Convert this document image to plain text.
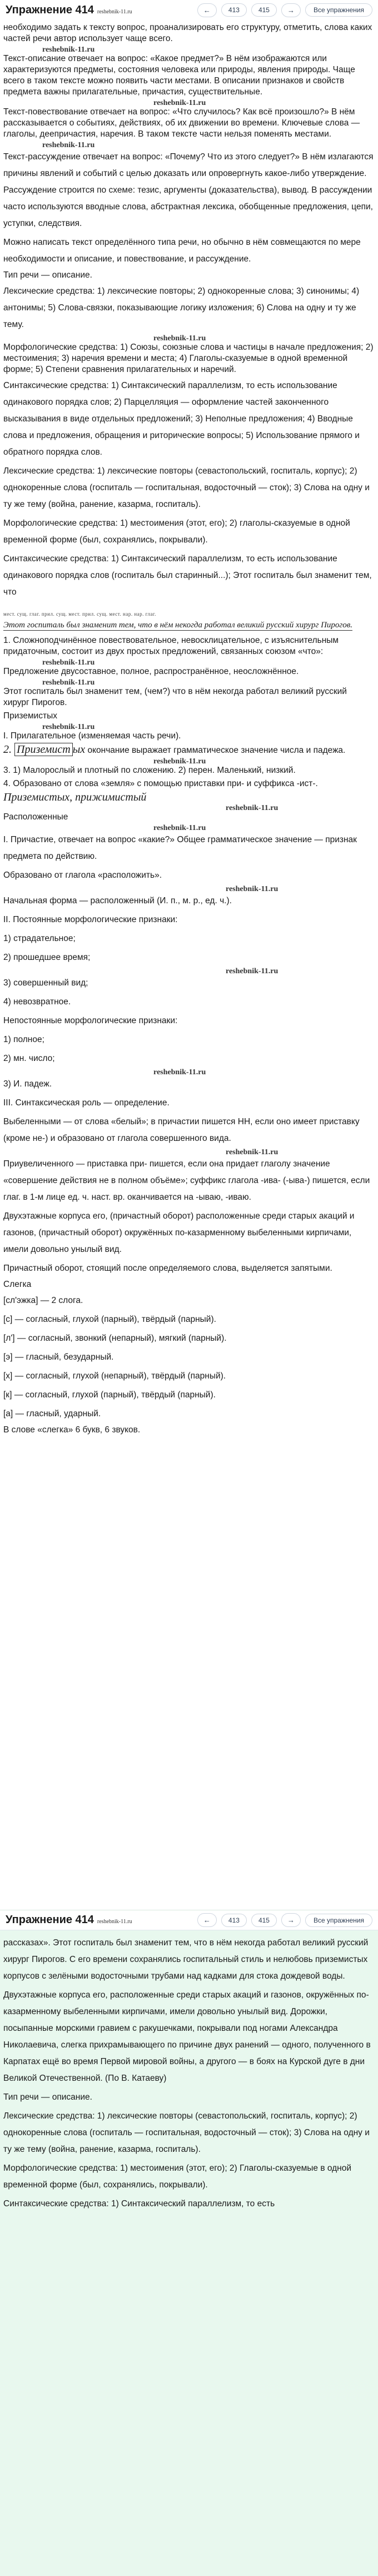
Упражнение 414 reshebnik-11.ru	←	413	415	→	Все упражнения

необходимо задать к тексту вопрос, проанализировать его структуру, отметить, слова каких частей речи автор использует чаще всего.

reshebnik-11.ru

Текст-описание отвечает на вопрос: «Какое предмет?» В нём изображаются или характеризуются предметы, состояния человека или природы, явления природы. Чаще всего в таком тексте можно появить части местами. В описании признаков и свойств предмета важны прилагательные, причастия, существительные.

reshebnik-11.ru

Текст-повествование отвечает на вопрос: «Что случилось? Как всё произошло?» В нём рассказывается о событиях, действиях, об их движении во времени. Ключевые слова — глаголы, деепричастия, наречия. В таком тексте части нельзя поменять местами.

reshebnik-11.ru

Текст-рассуждение отвечает на вопрос: «Почему? Что из этого следует?» В нём излагаются причины явлений и событий с целью доказать или опровергнуть какое-либо утверждение. Рассуждение строится по схеме: тезис, аргументы (доказательства), вывод. В рассуждении часто используются вводные слова, абстрактная лексика, обобщенные предложения, цепи, уступки, следствия.

Можно написать текст определённого типа речи, но обычно в нём совмещаются по мере необходимости и описание, и повествование, и рассуждение.

Тип речи — описание.

Лексические средства: 1) лексические повторы; 2) однокоренные слова; 3) синонимы; 4) антонимы; 5) Слова-связки, показывающие логику изложения; 6) Слова на одну и ту же тему.

reshebnik-11.ru

Морфологические средства: 1) Союзы, союзные слова и частицы в начале предложения; 2) местоимения; 3) наречия времени и места; 4) Глаголы-сказуемые в одной временной форме; 5) Степени сравнения прилагательных и наречий.

Синтаксические средства: 1) Синтаксический параллелизм, то есть использование одинакового порядка слов; 2) Парцелляция — оформление частей законченного высказывания в виде отдельных предложений; 3) Неполные предложения; 4) Вводные слова и предложения, обращения и риторические вопросы; 5) Использование прямого и обратного порядка слов.

Лексические средства: 1) лексические повторы (севастопольский, госпиталь, корпус); 2) однокоренные слова (госпиталь — госпитальная, водосточный — сток); 3) Слова на одну и ту же тему (война, ранение, казарма, госпиталь).

Морфологические средства: 1) местоимения (этот, его); 2) глаголы-сказуемые в одной временной форме (был, сохранялись, покрывали).

Синтаксические средства: 1) Синтаксический параллелизм, то есть использование одинакового порядка слов (госпиталь был старинный...); Этот госпиталь был знаменит тем, что

мест. сущ. глаг. прил. сущ. мест. прил. сущ. мест. нар. нар. глаг.
Этот госпиталь был знаменит тем, что в нём некогда работал великий русский хирург Пирогов.

1. Сложноподчинённое повествовательное, невосклицательное, с изъяснительным придаточным, состоит из двух простых предложений, связанных союзом «что»:

reshebnik-11.ru

Предложение двусоставное, полное, распространённое, неосложнённое.

reshebnik-11.ru

Этот госпиталь был знаменит тем, (чем?) что в нём некогда работал великий русский хирург Пирогов.

Приземистых

reshebnik-11.ru

I. Прилагательное (изменяемая часть речи).

2. Приземист ых окончание выражает грамматическое значение числа и падежа.

reshebnik-11.ru

3. 1) Малорослый и плотный по сложению. 2) перен. Маленький, низкий.

4. Образовано от слова «земля» с помощью приставки при- и суффикса -ист-.

Приземистых, прижимистый

reshebnik-11.ru

Расположенные

reshebnik-11.ru

I. Причастие, отвечает на вопрос «какие?» Общее грамматическое значение — признак предмета по действию.

Образовано от глагола «расположить».

reshebnik-11.ru

Начальная форма — расположенный (И. п., м. р., ед. ч.).

II. Постоянные морфологические признаки:

1) страдательное;

2) прошедшее время;

reshebnik-11.ru

3) совершенный вид;

4) невозвратное.

Непостоянные морфологические признаки:

1) полное;

2) мн. число;

reshebnik-11.ru

3) И. падеж.

III. Синтаксическая роль — определение.

Выбеленными — от слова «белый»; в причастии пишется НН, если оно имеет приставку (кроме не-) и образовано от глагола совершенного вида.

reshebnik-11.ru

Приувеличенного — приставка при- пишется, если она придает глаголу значение «совершение действия не в полном объёме»; суффикс глагола -ива- (-ыва-) пишется, если глаг. в 1-м лице ед. ч. наст. вр. оканчивается на -ываю, -иваю.

Двухэтажные корпуса его, (причастный оборот) расположенные среди старых акаций и газонов, (причастный оборот) окружённых по-казарменному выбеленными кирпичами, имели довольно унылый вид.

Причастный оборот, стоящий после определяемого слова, выделяется запятыми.

Слегка

[сл'эжка] — 2 слога.

[с] — согласный, глухой (парный), твёрдый (парный).

[л'] — согласный, звонкий (непарный), мягкий (парный).

[э] — гласный, безударный.

[х] — согласный, глухой (непарный), твёрдый (парный).

[к] — согласный, глухой (парный), твёрдый (парный).

[а] — гласный, ударный.

В слове «слегка» 6 букв, 6 звуков.

Упражнение 414 reshebnik-11.ru	←	413	415	→	Все упражнения

рассказах». Этот госпиталь был знаменит тем, что в нём некогда работал великий русский хирург Пирогов. С его времени сохранялись госпитальный стиль и нелюбовь приземистых корпусов с зелёными водосточными трубами над кадками для стока дождевой воды.

Двухэтажные корпуса его, расположенные среди старых акаций и газонов, окружённых по-казарменному выбеленными кирпичами, имели довольно унылый вид. Дорожки, посыпанные морскими гравием с ракушечками, покрывали под ногами Александра Николаевича, слегка прихрамывающего по причине двух ранений — одного, полученного в Карпатах ещё во время Первой мировой войны, а другого — в боях на Курской дуге в дни Великой Отечественной. (По В. Катаеву)

Тип речи — описание.

Лексические средства: 1) лексические повторы (севастопольский, госпиталь, корпус); 2) однокоренные слова (госпиталь — госпитальная, водосточный — сток); 3) Слова на одну и ту же тему (война, ранение, казарма, госпиталь).

Морфологические средства: 1) местоимения (этот, его); 2) Глаголы-сказуемые в одной временной форме (был, сохранялись, покрывали).

Синтаксические средства: 1) Синтаксический параллелизм, то есть
